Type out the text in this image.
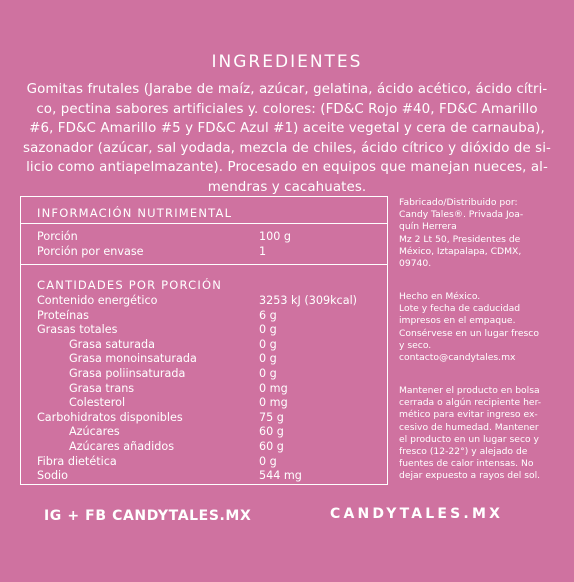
INGREDIENTES
Gomitas frutales (Jarabe de maíz, azúcar, gelatina, ácido acético, ácido cítri-
co, pectina sabores artificiales y. colores: (FD&C Rojo #40, FD&C Amarillo
#6, FD&C Amarillo #5 y FD&C Azul #1) aceite vegetal y cera de carnauba),
sazonador (azúcar, sal yodada, mezcla de chiles, ácido cítrico y dióxido de si-
licio como antiapelmazante). Procesado en equipos que manejan nueces, al-
mendras y cacahuates.
INFORMACIÓN NUTRIMENTAL
Porción	100 g
Porción por envase	1
CANTIDADES POR PORCIÓN
Contenido energético	3253 kJ (309kcal)
Proteínas	6 g
Grasas totales	0 g
Grasa saturada	0 g
Grasa monoinsaturada	0 g
Grasa poliinsaturada	0 g
Grasa trans	0 mg
Colesterol	0 mg
Carbohidratos disponibles	75 g
Azúcares	60 g
Azúcares añadidos	60 g
Fibra dietética	0 g
Sodio	544 mg

Fabricado/Distribuido por:

Candy Tales®. Privada Joa-

quín Herrera

Mz 2 Lt 50, Presidentes de

México, Iztapalapa, CDMX,

09740.

Hecho en México.

Lote y fecha de caducidad

impresos en el empaque.

Consérvese en un lugar fresco

y seco.

contacto@candytales.mx

Mantener el producto en bolsa

cerrada o algún recipiente her-

mético para evitar ingreso ex-

cesivo de humedad. Mantener

el producto en un lugar seco y

fresco (12-22°) y alejado de

fuentes de calor intensas. No

dejar expuesto a rayos del sol.

IG + FB CANDYTALES.MX	CANDYTALES.MX
